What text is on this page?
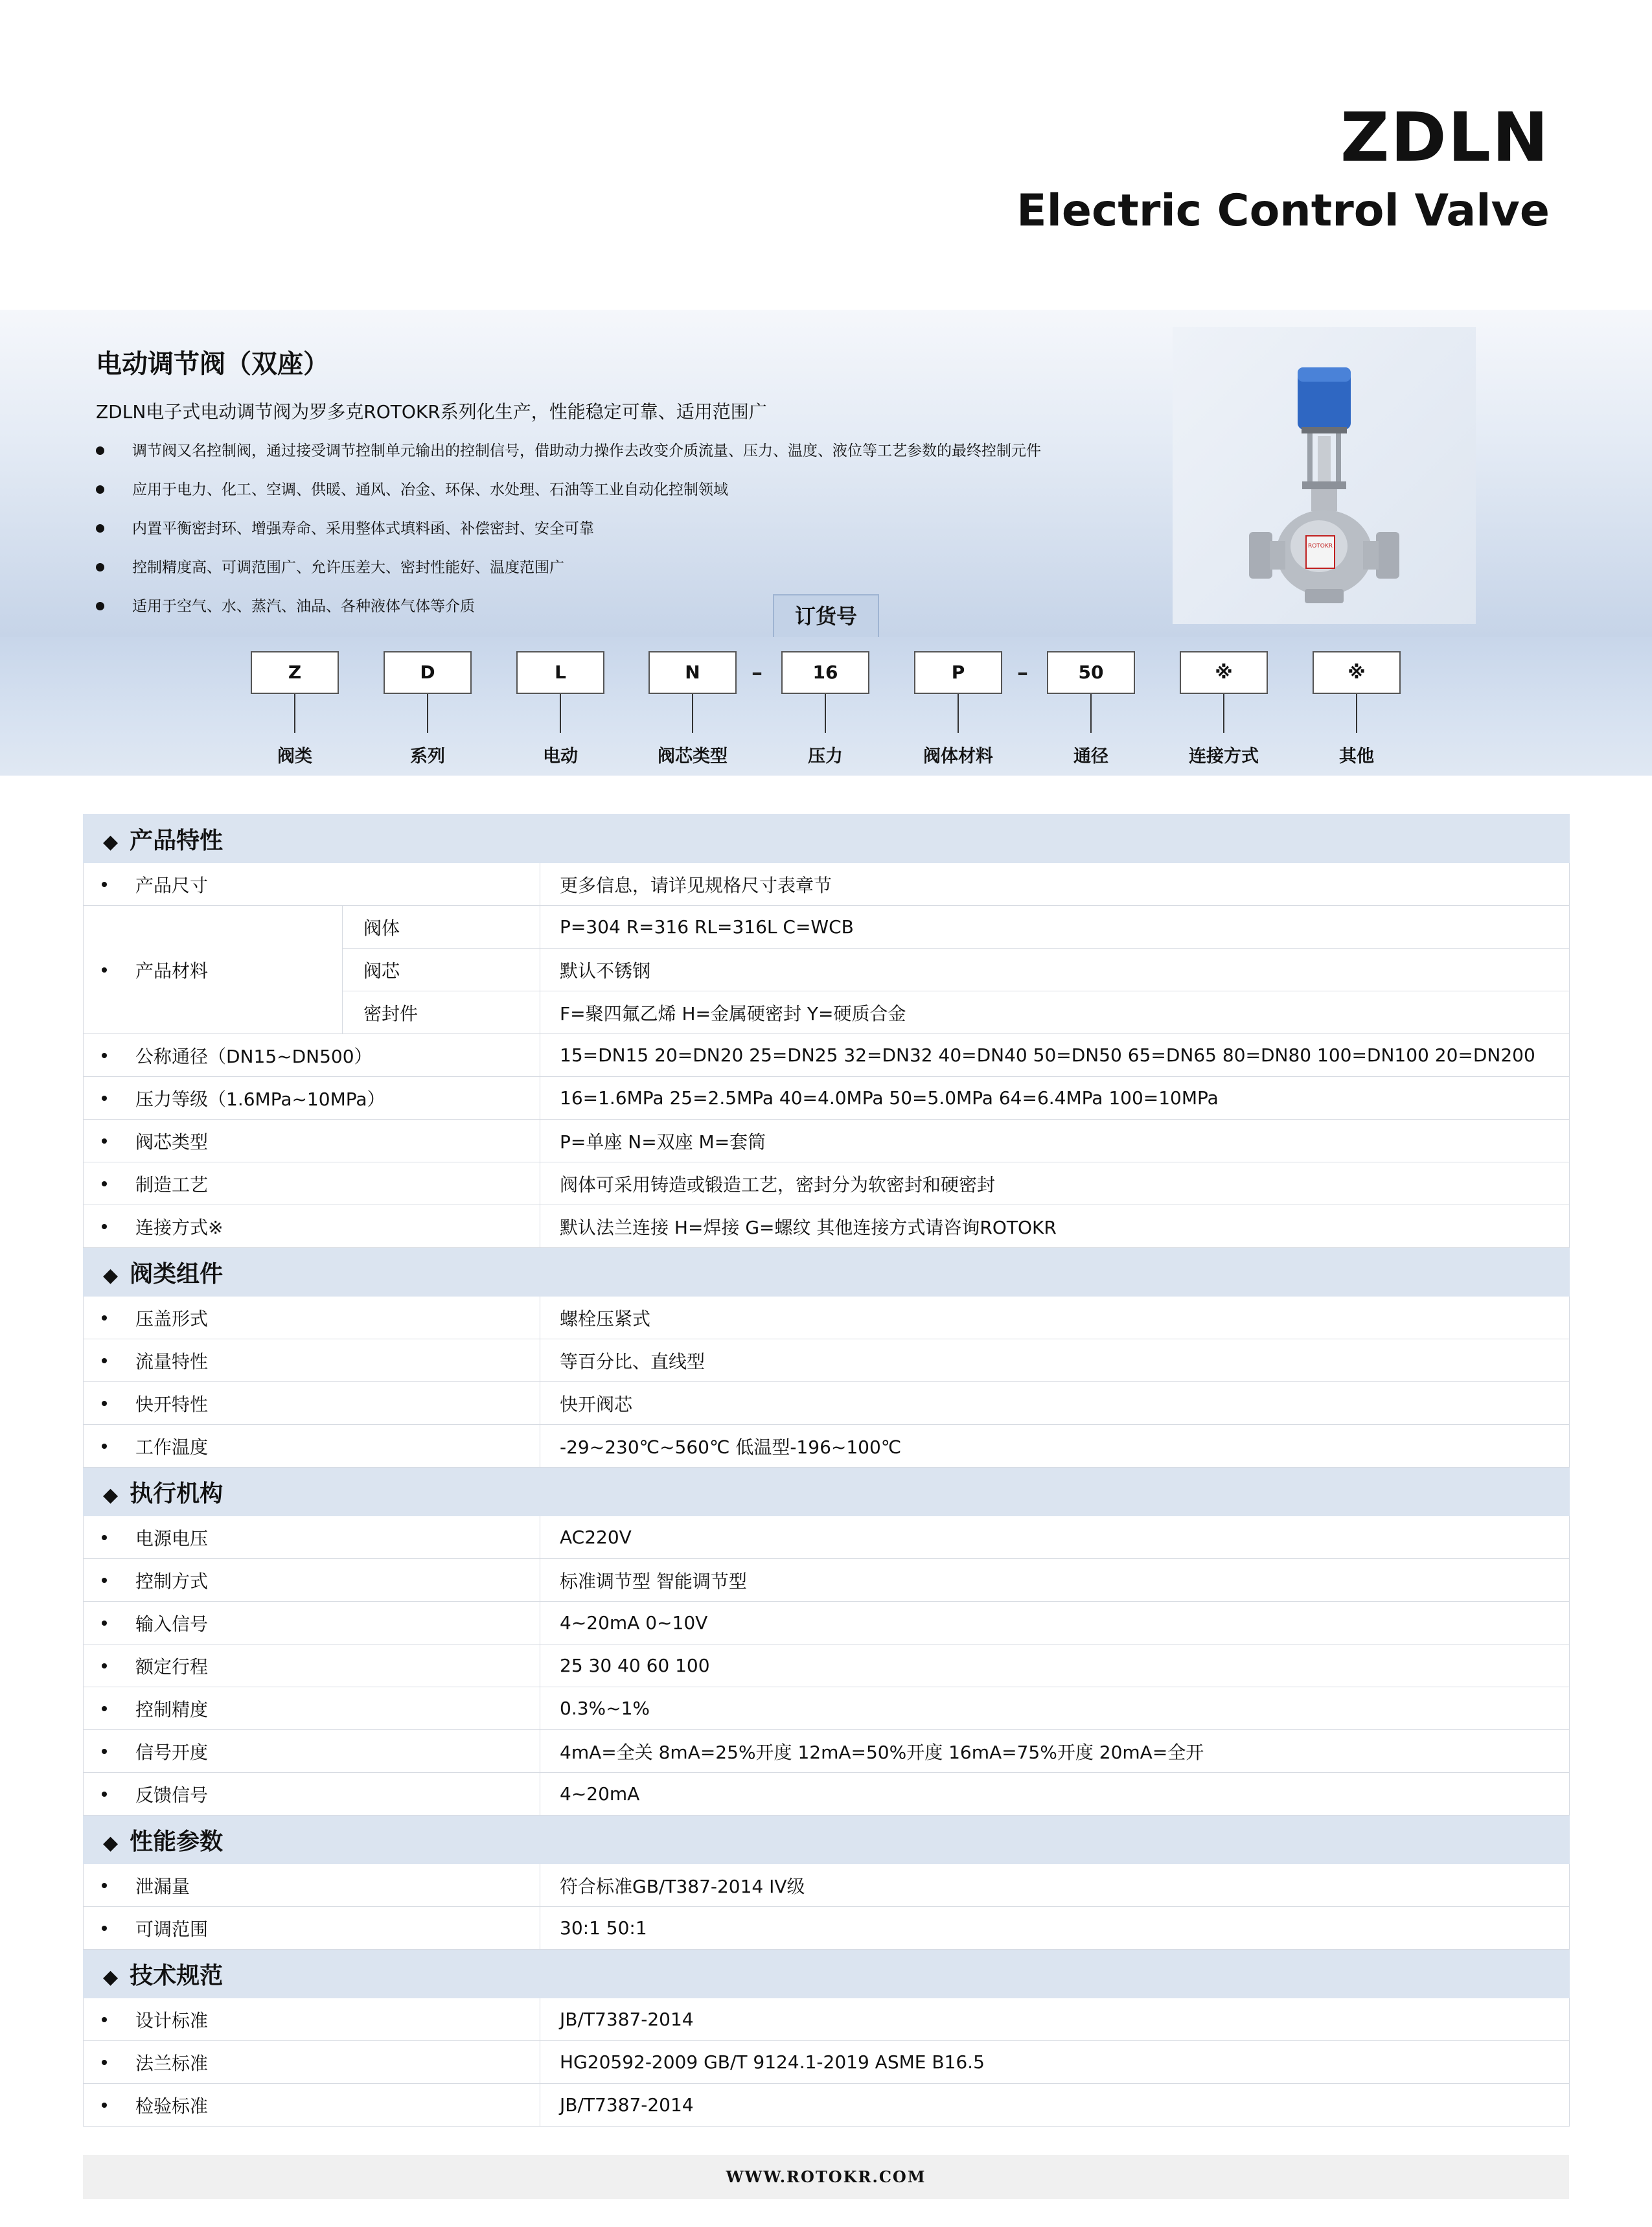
ZDLN
Electric Control Valve
电动调节阀（双座）
ZDLN电子式电动调节阀为罗多克ROTOKR系列化生产，性能稳定可靠、适用范围广
调节阀又名控制阀，通过接受调节控制单元输出的控制信号，借助动力操作去改变介质流量、压力、温度、液位等工艺参数的最终控制元件
应用于电力、化工、空调、供暖、通风、冶金、环保、水处理、石油等工业自动化控制领域
内置平衡密封环、增强寿命、采用整体式填料函、补偿密封、安全可靠
控制精度高、可调范围广、允许压差大、密封性能好、温度范围广
适用于空气、水、蒸汽、油品、各种液体气体等介质
ROTOKR
订货号
Z	D	L	N	16	P	50	※	※
–	–
阀类	系列	电动	阀芯类型	压力	阀体材料	通径	连接方式	其他
◆ 产品特性		
产品尺寸		更多信息，请详见规格尺寸表章节
产品材料	阀体	P=304 R=316 RL=316L C=WCB
	阀芯	默认不锈钢
	密封件	F=聚四氟乙烯 H=金属硬密封 Y=硬质合金
公称通径（DN15~DN500）		15=DN15 20=DN20 25=DN25 32=DN32 40=DN40 50=DN50 65=DN65 80=DN80 100=DN100 20=DN200
压力等级（1.6MPa~10MPa）		16=1.6MPa 25=2.5MPa 40=4.0MPa 50=5.0MPa 64=6.4MPa 100=10MPa
阀芯类型		P=单座 N=双座 M=套筒
制造工艺		阀体可采用铸造或锻造工艺，密封分为软密封和硬密封
连接方式※		默认法兰连接 H=焊接 G=螺纹 其他连接方式请咨询ROTOKR
◆ 阀类组件		
压盖形式		螺栓压紧式
流量特性		等百分比、直线型
快开特性		快开阀芯
工作温度		-29~230℃~560℃ 低温型-196~100℃
◆ 执行机构		
电源电压		AC220V
控制方式		标准调节型 智能调节型
输入信号		4~20mA 0~10V
额定行程		25 30 40 60 100
控制精度		0.3%~1%
信号开度		4mA=全关 8mA=25%开度 12mA=50%开度 16mA=75%开度 20mA=全开
反馈信号		4~20mA
◆ 性能参数		
泄漏量		符合标准GB/T387-2014 IV级
可调范围		30:1 50:1
◆ 技术规范		
设计标准		JB/T7387-2014
法兰标准		HG20592-2009 GB/T 9124.1-2019 ASME B16.5
检验标准		JB/T7387-2014
WWW.ROTOKR.COM
